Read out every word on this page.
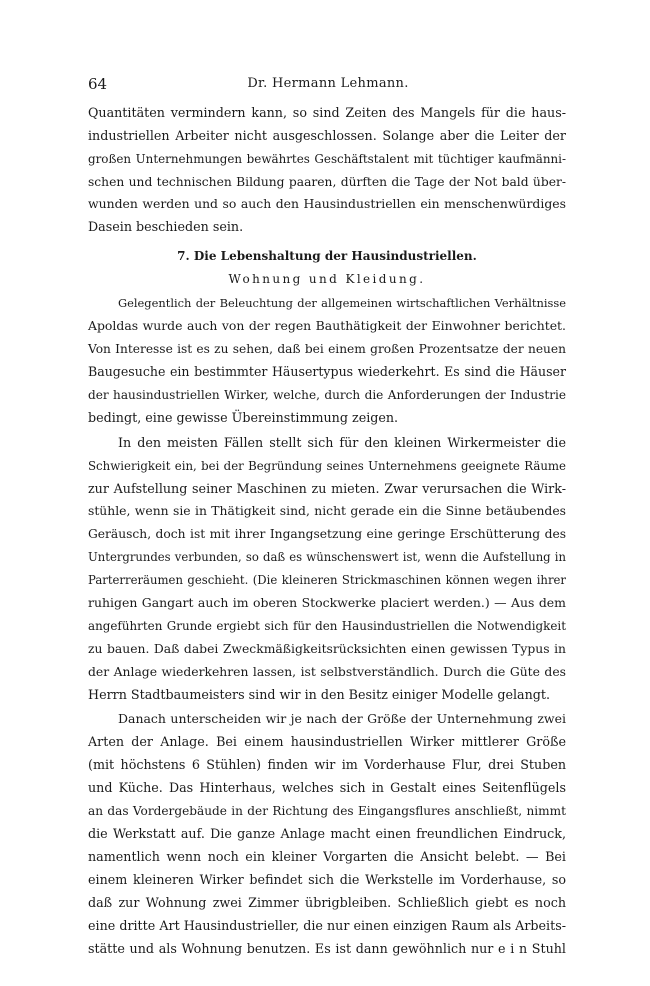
64	Dr. Hermann Lehmann.
Quantitäten vermindern kann, so sind Zeiten des Mangels für die haus-
industriellen Arbeiter nicht ausgeschlossen. Solange aber die Leiter der
großen Unternehmungen bewährtes Geschäftstalent mit tüchtiger kaufmänni-
schen und technischen Bildung paaren, dürften die Tage der Not bald über-
wunden werden und so auch den Hausindustriellen ein menschenwürdiges
Dasein beschieden sein.
7. Die Lebenshaltung der Hausindustriellen.
Wohnung und Kleidung.
Gelegentlich der Beleuchtung der allgemeinen wirtschaftlichen Verhältnisse
Apoldas wurde auch von der regen Bauthätigkeit der Einwohner berichtet.
Von Interesse ist es zu sehen, daß bei einem großen Prozentsatze der neuen
Baugesuche ein bestimmter Häusertypus wiederkehrt. Es sind die Häuser
der hausindustriellen Wirker, welche, durch die Anforderungen der Industrie
bedingt, eine gewisse Übereinstimmung zeigen.
In den meisten Fällen stellt sich für den kleinen Wirkermeister die
Schwierigkeit ein, bei der Begründung seines Unternehmens geeignete Räume
zur Aufstellung seiner Maschinen zu mieten. Zwar verursachen die Wirk-
stühle, wenn sie in Thätigkeit sind, nicht gerade ein die Sinne betäubendes
Geräusch, doch ist mit ihrer Ingangsetzung eine geringe Erschütterung des
Untergrundes verbunden, so daß es wünschenswert ist, wenn die Aufstellung in
Parterreräumen geschieht. (Die kleineren Strickmaschinen können wegen ihrer
ruhigen Gangart auch im oberen Stockwerke placiert werden.) — Aus dem
angeführten Grunde ergiebt sich für den Hausindustriellen die Notwendigkeit
zu bauen. Daß dabei Zweckmäßigkeitsrücksichten einen gewissen Typus in
der Anlage wiederkehren lassen, ist selbstverständlich. Durch die Güte des
Herrn Stadtbaumeisters sind wir in den Besitz einiger Modelle gelangt.
Danach unterscheiden wir je nach der Größe der Unternehmung zwei
Arten der Anlage. Bei einem hausindustriellen Wirker mittlerer Größe
(mit höchstens 6 Stühlen) finden wir im Vorderhause Flur, drei Stuben
und Küche. Das Hinterhaus, welches sich in Gestalt eines Seitenflügels
an das Vordergebäude in der Richtung des Eingangsflures anschließt, nimmt
die Werkstatt auf. Die ganze Anlage macht einen freundlichen Eindruck,
namentlich wenn noch ein kleiner Vorgarten die Ansicht belebt. — Bei
einem kleineren Wirker befindet sich die Werkstelle im Vorderhause, so
daß zur Wohnung zwei Zimmer übrigbleiben. Schließlich giebt es noch
eine dritte Art Hausindustrieller, die nur einen einzigen Raum als Arbeits-
stätte und als Wohnung benutzen. Es ist dann gewöhnlich nur e i n Stuhl
